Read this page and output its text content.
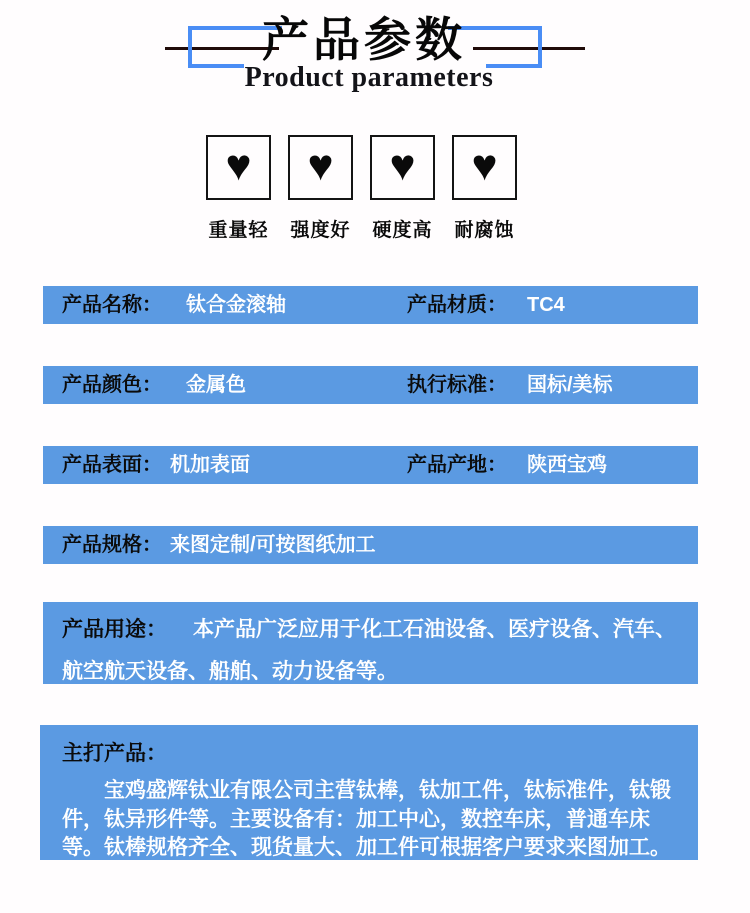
产品参数
Product parameters
♥
重量轻
♥
强度好
♥
硬度高
♥
耐腐蚀
产品名称： 钛合金滚轴	产品材质： TC4
产品颜色： 金属色	执行标准： 国标/美标
产品表面： 机加表面	产品产地： 陕西宝鸡
产品规格： 来图定制/可按图纸加工

产品用途： 本产品广泛应用于化工石油设备、医疗设备、汽车、航空航天设备、船舶、动力设备等。

主打产品：

宝鸡盛辉钛业有限公司主营钛棒，钛加工件，钛标准件，钛锻件，钛异形件等。主要设备有：加工中心，数控车床，普通车床等。钛棒规格齐全、现货量大、加工件可根据客户要求来图加工。
